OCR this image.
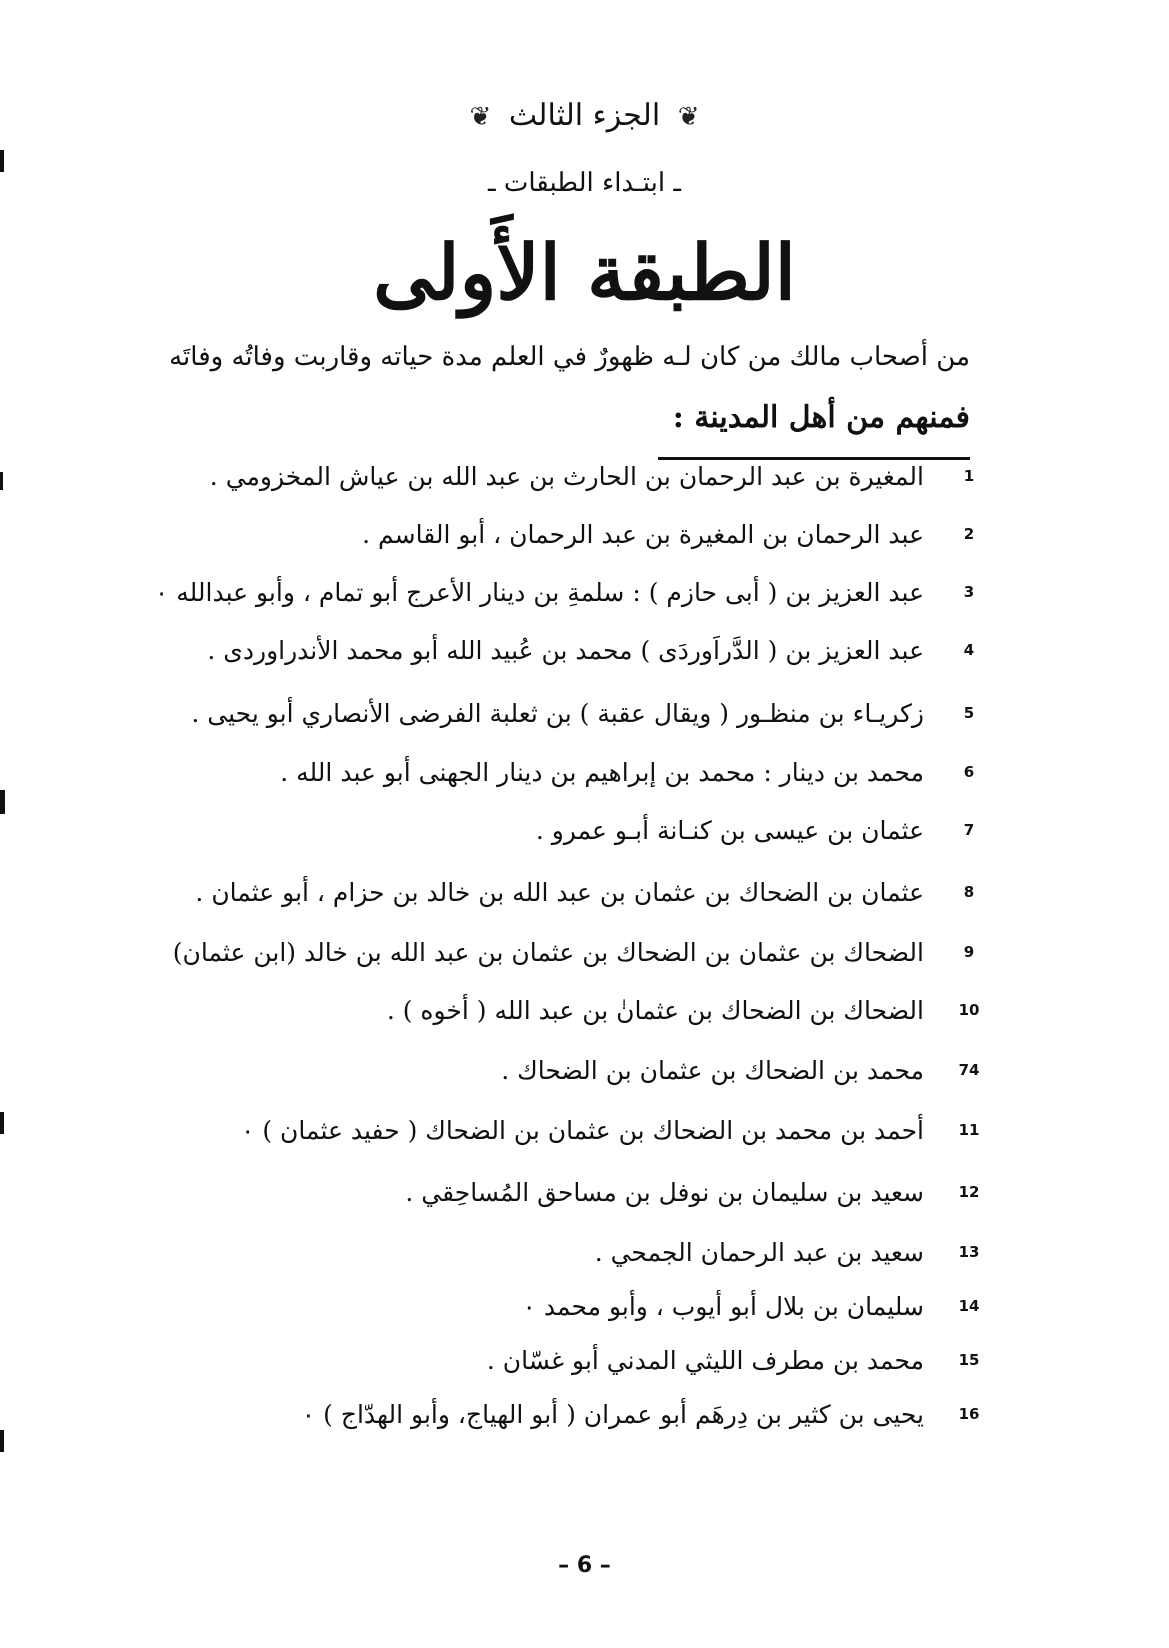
❦ الجزء الثالث ❦
ـ ابتـداء الطبقات ـ
الطبقة الأَولى
من أصحاب مالك من كان لـه ظهورٌ في العلم مدة حياته وقاربت وفاتُه وفاتَه
فمنهم من أهل المدينة :
1
المغيرة بن عبد الرحمان بن الحارث بن عبد الله بن عياش المخزومي .
2
عبد الرحمان بن المغيرة بن عبد الرحمان ، أبو القاسم .
3
عبد العزيز بن ( أبى حازم ) : سلمةِ بن دينار الأعرج أبو تمام ، وأبو عبدالله ٠
4
عبد العزيز بن ( الدَّراَوردَى ) محمد بن عُبيد الله أبو محمد الأندراوردى .
5
زكريـاء بن منظـور ( ويقال عقبة ) بن ثعلبة الفرضى الأنصاري أبو يحيى .
6
محمد بن دينار : محمد بن إبراهيم بن دينار الجهنى أبو عبد الله .
7
عثمان بن عيسى بن كنـانة أبـو عمرو .
8
عثمان بن الضحاك بن عثمان بن عبد الله بن خالد بن حزام ، أبو عثمان .
9
الضحاك بن عثمان بن الضحاك بن عثمان بن عبد الله بن خالد (ابن عثمان)
10
الضحاك بن الضحاك بن عثمانٰ بن عبد الله ( أخوه ) .
74
محمد بن الضحاك بن عثمان بن الضحاك .
11
أحمد بن محمد بن الضحاك بن عثمان بن الضحاك ( حفيد عثمان ) ٠
12
سعيد بن سليمان بن نوفل بن مساحق المُساحِقي .
13
سعيد بن عبد الرحمان الجمحي .
14
سليمان بن بلال أبو أيوب ، وأبو محمد ٠
15
محمد بن مطرف الليثي المدني أبو غسّان .
16
يحيى بن كثير بن دِرهَم أبو عمران ( أبو الهياج، وأبو الهدّاج ) ٠
– 6 –
